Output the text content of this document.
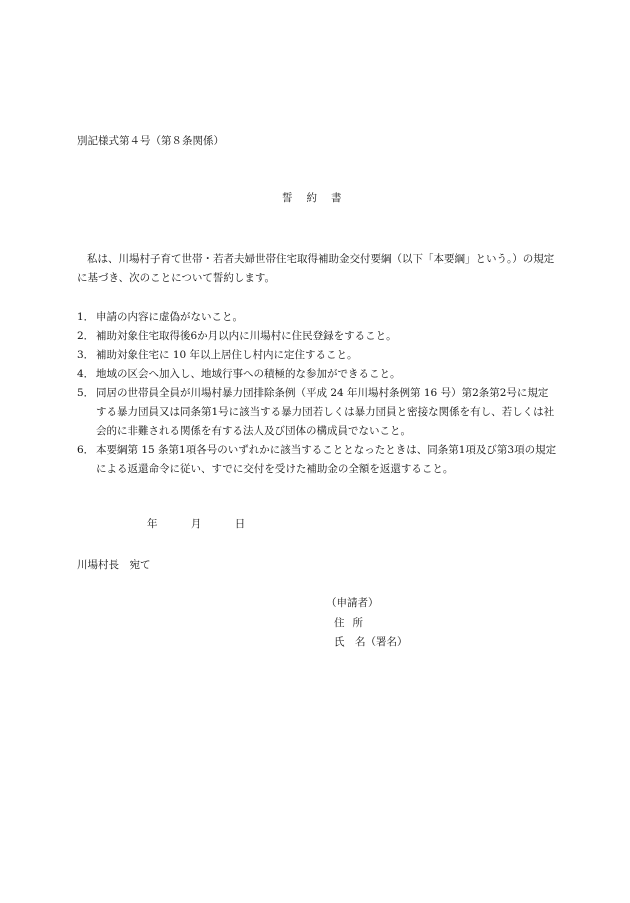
別記様式第４号（第８条関係）
誓約書
私は、川場村子育て世帯・若者夫婦世帯住宅取得補助金交付要綱（以下「本要綱」という。）の規定に基づき、次のことについて誓約します。
1． 申請の内容に虚偽がないこと。
2． 補助対象住宅取得後6か月以内に川場村に住民登録をすること。
3． 補助対象住宅に 10 年以上居住し村内に定住すること。
4． 地域の区会へ加入し、地域行事への積極的な参加ができること。
5． 同居の世帯員全員が川場村暴力団排除条例（平成 24 年川場村条例第 16 号）第2条第2号に規定する暴力団員又は同条第1号に該当する暴力団若しくは暴力団員と密接な関係を有し、若しくは社会的に非難される関係を有する法人及び団体の構成員でないこと。
6． 本要綱第 15 条第1項各号のいずれかに該当することとなったときは、同条第1項及び第3項の規定による返還命令に従い、すでに交付を受けた補助金の全額を返還すること。
年	月	日
川場村長　宛て
（申請者）
住所
氏　名（署名）
